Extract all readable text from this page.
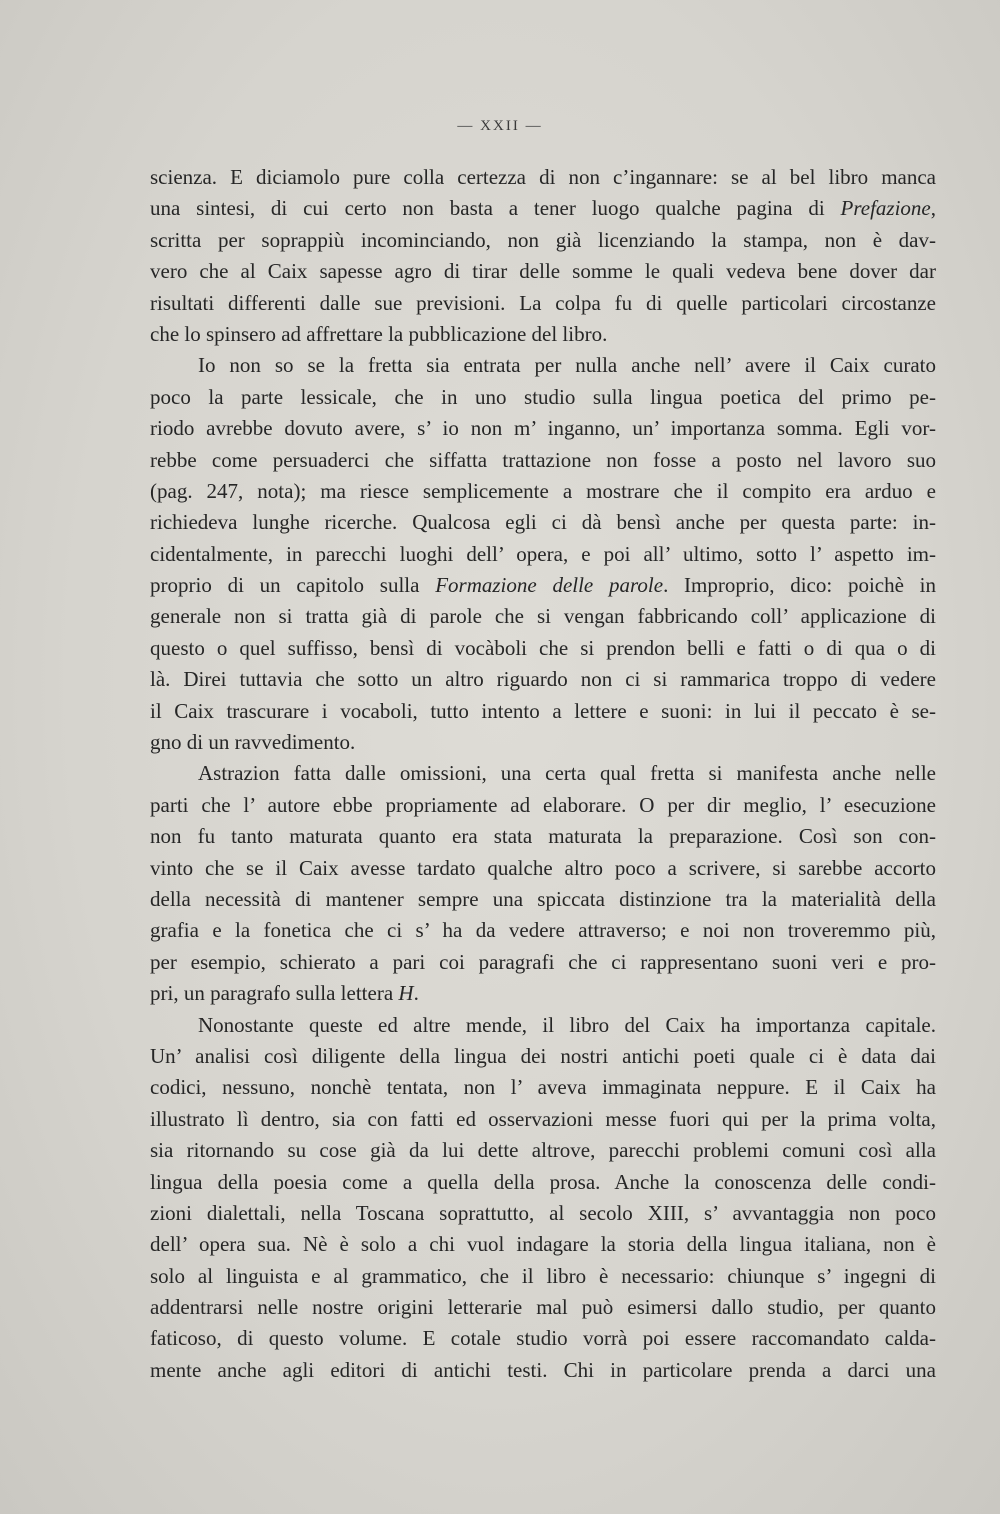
— XXII —
scienza. E diciamolo pure colla certezza di non c’ingannare: se al bel libro manca
una sintesi, di cui certo non basta a tener luogo qualche pagina di Prefazione,
scritta per soprappiù incominciando, non già licenziando la stampa, non è dav-
vero che al Caix sapesse agro di tirar delle somme le quali vedeva bene dover dar
risultati differenti dalle sue previsioni. La colpa fu di quelle particolari circostanze
che lo spinsero ad affrettare la pubblicazione del libro.
Io non so se la fretta sia entrata per nulla anche nell’ avere il Caix curato
poco la parte lessicale, che in uno studio sulla lingua poetica del primo pe-
riodo avrebbe dovuto avere, s’ io non m’ inganno, un’ importanza somma. Egli vor-
rebbe come persuaderci che siffatta trattazione non fosse a posto nel lavoro suo
(pag. 247, nota); ma riesce semplicemente a mostrare che il compito era arduo e
richiedeva lunghe ricerche. Qualcosa egli ci dà bensì anche per questa parte: in-
cidentalmente, in parecchi luoghi dell’ opera, e poi all’ ultimo, sotto l’ aspetto im-
proprio di un capitolo sulla Formazione delle parole. Improprio, dico: poichè in
generale non si tratta già di parole che si vengan fabbricando coll’ applicazione di
questo o quel suffisso, bensì di vocàboli che si prendon belli e fatti o di qua o di
là. Direi tuttavia che sotto un altro riguardo non ci si rammarica troppo di vedere
il Caix trascurare i vocaboli, tutto intento a lettere e suoni: in lui il peccato è se-
gno di un ravvedimento.
Astrazion fatta dalle omissioni, una certa qual fretta si manifesta anche nelle
parti che l’ autore ebbe propriamente ad elaborare. O per dir meglio, l’ esecuzione
non fu tanto maturata quanto era stata maturata la preparazione. Così son con-
vinto che se il Caix avesse tardato qualche altro poco a scrivere, si sarebbe accorto
della necessità di mantener sempre una spiccata distinzione tra la materialità della
grafia e la fonetica che ci s’ ha da vedere attraverso; e noi non troveremmo più,
per esempio, schierato a pari coi paragrafi che ci rappresentano suoni veri e pro-
pri, un paragrafo sulla lettera H.
Nonostante queste ed altre mende, il libro del Caix ha importanza capitale.
Un’ analisi così diligente della lingua dei nostri antichi poeti quale ci è data dai
codici, nessuno, nonchè tentata, non l’ aveva immaginata neppure. E il Caix ha
illustrato lì dentro, sia con fatti ed osservazioni messe fuori qui per la prima volta,
sia ritornando su cose già da lui dette altrove, parecchi problemi comuni così alla
lingua della poesia come a quella della prosa. Anche la conoscenza delle condi-
zioni dialettali, nella Toscana soprattutto, al secolo XIII, s’ avvantaggia non poco
dell’ opera sua. Nè è solo a chi vuol indagare la storia della lingua italiana, non è
solo al linguista e al grammatico, che il libro è necessario: chiunque s’ ingegni di
addentrarsi nelle nostre origini letterarie mal può esimersi dallo studio, per quanto
faticoso, di questo volume. E cotale studio vorrà poi essere raccomandato calda-
mente anche agli editori di antichi testi. Chi in particolare prenda a darci una
